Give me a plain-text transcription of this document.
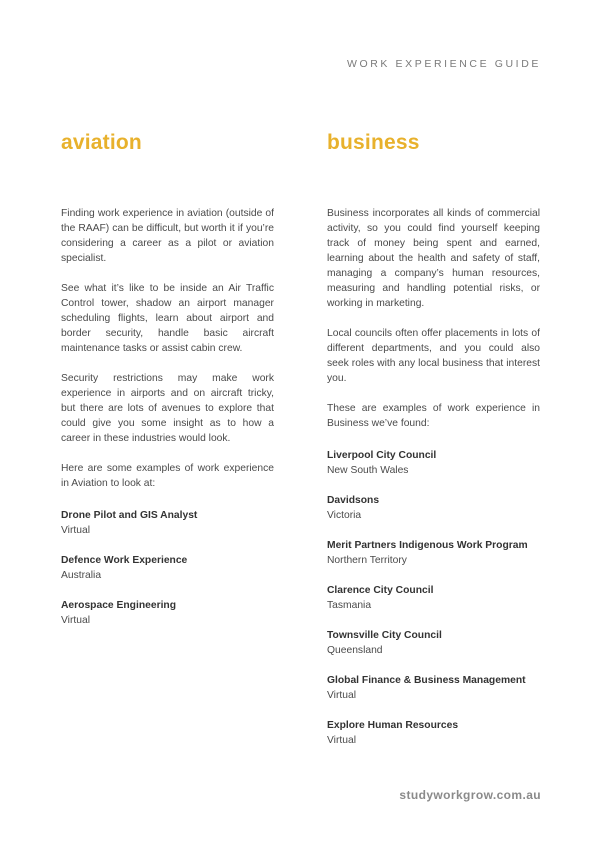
WORK EXPERIENCE GUIDE
aviation

Finding work experience in aviation (outside of the RAAF) can be difficult, but worth it if you’re considering a career as a pilot or aviation specialist.

See what it’s like to be inside an Air Traffic Control tower, shadow an airport manager scheduling flights, learn about airport and border security, handle basic aircraft maintenance tasks or assist cabin crew.

Security restrictions may make work experience in airports and on aircraft tricky, but there are lots of avenues to explore that could give you some insight as to how a career in these industries would look.

Here are some examples of work experience in Aviation to look at:

Drone Pilot and GIS Analyst
Virtual
Defence Work Experience
Australia
Aerospace Engineering
Virtual
business

Business incorporates all kinds of commercial activity, so you could find yourself keeping track of money being spent and earned, learning about the health and safety of staff, managing a company’s human resources, measuring and handling potential risks, or working in marketing.

Local councils often offer placements in lots of different departments, and you could also seek roles with any local business that interest you.

These are examples of work experience in Business we’ve found:

Liverpool City Council
New South Wales
Davidsons
Victoria
Merit Partners Indigenous Work Program
Northern Territory
Clarence City Council
Tasmania
Townsville City Council
Queensland
Global Finance & Business Management
Virtual
Explore Human Resources
Virtual
studyworkgrow.com.au
